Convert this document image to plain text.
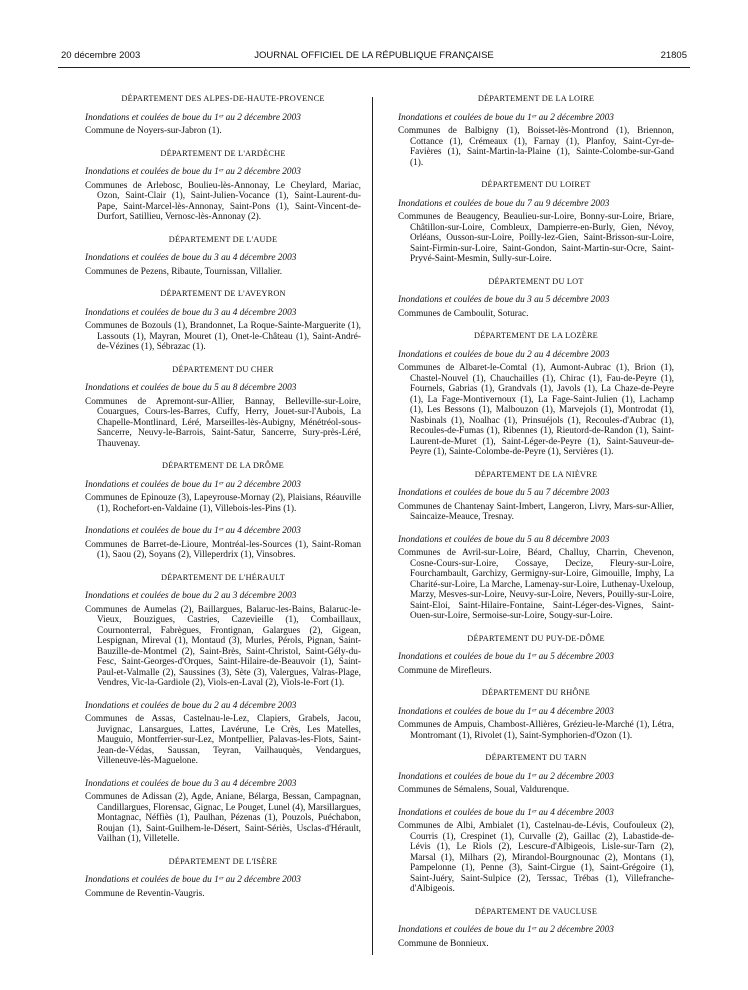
20 décembre 2003	JOURNAL OFFICIEL DE LA RÉPUBLIQUE FRANÇAISE	21805
DÉPARTEMENT DES ALPES-DE-HAUTE-PROVENCE
Inondations et coulées de boue du 1ᵉʳ au 2 décembre 2003
Commune de Noyers-sur-Jabron (1).
DÉPARTEMENT DE L'ARDÈCHE
Inondations et coulées de boue du 1ᵉʳ au 2 décembre 2003
Communes de Arlebosc, Boulieu-lès-Annonay, Le Cheylard, Mariac, Ozon, Saint-Clair (1), Saint-Julien-Vocance (1), Saint-Laurent-du-Pape, Saint-Marcel-lès-Annonay, Saint-Pons (1), Saint-Vincent-de-Durfort, Satillieu, Vernosc-lès-Annonay (2).
DÉPARTEMENT DE L'AUDE
Inondations et coulées de boue du 3 au 4 décembre 2003
Communes de Pezens, Ribaute, Tournissan, Villalier.
DÉPARTEMENT DE L'AVEYRON
Inondations et coulées de boue du 3 au 4 décembre 2003
Communes de Bozouls (1), Brandonnet, La Roque-Sainte-Marguerite (1), Lassouts (1), Mayran, Mouret (1), Onet-le-Château (1), Saint-André-de-Vézines (1), Sébrazac (1).
DÉPARTEMENT DU CHER
Inondations et coulées de boue du 5 au 8 décembre 2003
Communes de Apremont-sur-Allier, Bannay, Belleville-sur-Loire, Couargues, Cours-les-Barres, Cuffy, Herry, Jouet-sur-l'Aubois, La Chapelle-Montlinard, Léré, Marseilles-lès-Aubigny, Ménétréol-sous-Sancerre, Neuvy-le-Barrois, Saint-Satur, Sancerre, Sury-près-Léré, Thauvenay.
DÉPARTEMENT DE LA DRÔME
Inondations et coulées de boue du 1ᵉʳ au 2 décembre 2003
Communes de Epinouze (3), Lapeyrouse-Mornay (2), Plaisians, Réauville (1), Rochefort-en-Valdaine (1), Villebois-les-Pins (1).
Inondations et coulées de boue du 1ᵉʳ au 4 décembre 2003
Communes de Barret-de-Lioure, Montréal-les-Sources (1), Saint-Roman (1), Saou (2), Soyans (2), Villeperdrix (1), Vinsobres.
DÉPARTEMENT DE L'HÉRAULT
Inondations et coulées de boue du 2 au 3 décembre 2003
Communes de Aumelas (2), Baillargues, Balaruc-les-Bains, Balaruc-le-Vieux, Bouzigues, Castries, Cazevieille (1), Combaillaux, Cournonterral, Fabrègues, Frontignan, Galargues (2), Gigean, Lespignan, Mireval (1), Montaud (3), Murles, Pérols, Pignan, Saint-Bauzille-de-Montmel (2), Saint-Brès, Saint-Christol, Saint-Gély-du-Fesc, Saint-Georges-d'Orques, Saint-Hilaire-de-Beauvoir (1), Saint-Paul-et-Valmalle (2), Saussines (3), Sète (3), Valergues, Valras-Plage, Vendres, Vic-la-Gardiole (2), Viols-en-Laval (2), Viols-le-Fort (1).
Inondations et coulées de boue du 2 au 4 décembre 2003
Communes de Assas, Castelnau-le-Lez, Clapiers, Grabels, Jacou, Juvignac, Lansargues, Lattes, Lavérune, Le Crès, Les Matelles, Mauguio, Montferrier-sur-Lez, Montpellier, Palavas-les-Flots, Saint-Jean-de-Védas, Saussan, Teyran, Vailhauquès, Vendargues, Villeneuve-lès-Maguelone.
Inondations et coulées de boue du 3 au 4 décembre 2003
Communes de Adissan (2), Agde, Aniane, Bélarga, Bessan, Campagnan, Candillargues, Florensac, Gignac, Le Pouget, Lunel (4), Marsillargues, Montagnac, Néffiès (1), Paulhan, Pézenas (1), Pouzols, Puéchabon, Roujan (1), Saint-Guilhem-le-Désert, Saint-Sériès, Usclas-d'Hérault, Vailhan (1), Villetelle.
DÉPARTEMENT DE L'ISÈRE
Inondations et coulées de boue du 1ᵉʳ au 2 décembre 2003
Commune de Reventin-Vaugris.
DÉPARTEMENT DE LA LOIRE
Inondations et coulées de boue du 1ᵉʳ au 2 décembre 2003
Communes de Balbigny (1), Boisset-lès-Montrond (1), Briennon, Cottance (1), Crémeaux (1), Farnay (1), Planfoy, Saint-Cyr-de-Favières (1), Saint-Martin-la-Plaine (1), Sainte-Colombe-sur-Gand (1).
DÉPARTEMENT DU LOIRET
Inondations et coulées de boue du 7 au 9 décembre 2003
Communes de Beaugency, Beaulieu-sur-Loire, Bonny-sur-Loire, Briare, Châtillon-sur-Loire, Combleux, Dampierre-en-Burly, Gien, Névoy, Orléans, Ousson-sur-Loire, Poilly-lez-Gien, Saint-Brisson-sur-Loire, Saint-Firmin-sur-Loire, Saint-Gondon, Saint-Martin-sur-Ocre, Saint-Pryvé-Saint-Mesmin, Sully-sur-Loire.
DÉPARTEMENT DU LOT
Inondations et coulées de boue du 3 au 5 décembre 2003
Communes de Camboulit, Soturac.
DÉPARTEMENT DE LA LOZÈRE
Inondations et coulées de boue du 2 au 4 décembre 2003
Communes de Albaret-le-Comtal (1), Aumont-Aubrac (1), Brion (1), Chastel-Nouvel (1), Chauchailles (1), Chirac (1), Fau-de-Peyre (1), Fournels, Gabrias (1), Grandvals (1), Javols (1), La Chaze-de-Peyre (1), La Fage-Montivernoux (1), La Fage-Saint-Julien (1), Lachamp (1), Les Bessons (1), Malbouzon (1), Marvejols (1), Montrodat (1), Nasbinals (1), Noalhac (1), Prinsuéjols (1), Recoules-d'Aubrac (1), Recoules-de-Fumas (1), Ribennes (1), Rieutord-de-Randon (1), Saint-Laurent-de-Muret (1), Saint-Léger-de-Peyre (1), Saint-Sauveur-de-Peyre (1), Sainte-Colombe-de-Peyre (1), Servières (1).
DÉPARTEMENT DE LA NIÈVRE
Inondations et coulées de boue du 5 au 7 décembre 2003
Communes de Chantenay Saint-Imbert, Langeron, Livry, Mars-sur-Allier, Saincaize-Meauce, Tresnay.
Inondations et coulées de boue du 5 au 8 décembre 2003
Communes de Avril-sur-Loire, Béard, Challuy, Charrin, Chevenon, Cosne-Cours-sur-Loire, Cossaye, Decize, Fleury-sur-Loire, Fourchambault, Garchizy, Germigny-sur-Loire, Gimouille, Imphy, La Charité-sur-Loire, La Marche, Lamenay-sur-Loire, Luthenay-Uxeloup, Marzy, Mesves-sur-Loire, Neuvy-sur-Loire, Nevers, Pouilly-sur-Loire, Saint-Eloi, Saint-Hilaire-Fontaine, Saint-Léger-des-Vignes, Saint-Ouen-sur-Loire, Sermoise-sur-Loire, Sougy-sur-Loire.
DÉPARTEMENT DU PUY-DE-DÔME
Inondations et coulées de boue du 1ᵉʳ au 5 décembre 2003
Commune de Mirefleurs.
DÉPARTEMENT DU RHÔNE
Inondations et coulées de boue du 1ᵉʳ au 4 décembre 2003
Communes de Ampuis, Chambost-Allières, Grézieu-le-Marché (1), Létra, Montromant (1), Rivolet (1), Saint-Symphorien-d'Ozon (1).
DÉPARTEMENT DU TARN
Inondations et coulées de boue du 1ᵉʳ au 2 décembre 2003
Communes de Sémalens, Soual, Valdurenque.
Inondations et coulées de boue du 1ᵉʳ au 4 décembre 2003
Communes de Albi, Ambialet (1), Castelnau-de-Lévis, Coufouleux (2), Courris (1), Crespinet (1), Curvalle (2), Gaillac (2), Labastide-de-Lévis (1), Le Riols (2), Lescure-d'Albigeois, Lisle-sur-Tarn (2), Marsal (1), Milhars (2), Mirandol-Bourgnounac (2), Montans (1), Pampelonne (1), Penne (3), Saint-Cirgue (1), Saint-Grégoire (1), Saint-Juéry, Saint-Sulpice (2), Terssac, Trébas (1), Villefranche-d'Albigeois.
DÉPARTEMENT DE VAUCLUSE
Inondations et coulées de boue du 1ᵉʳ au 2 décembre 2003
Commune de Bonnieux.
